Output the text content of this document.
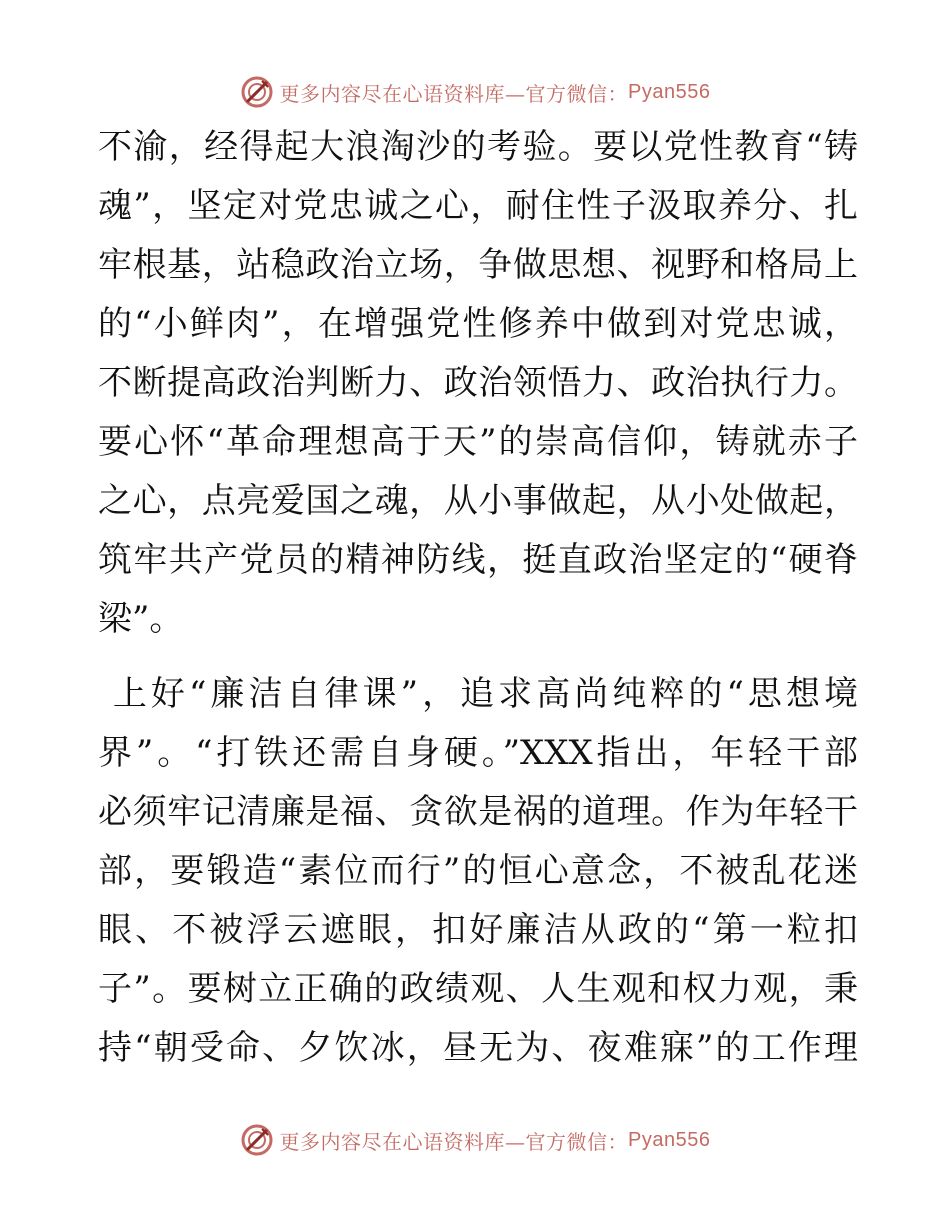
更多内容尽在心语资料库—官方微信： Pyan556
不渝，经得起大浪淘沙的考验。要以党性教育“铸
魂”，坚定对党忠诚之心，耐住性子汲取养分、扎
牢根基，站稳政治立场，争做思想、视野和格局上
的“小鲜肉”，在增强党性修养中做到对党忠诚，
不断提高政治判断力、政治领悟力、政治执行力。
要心怀“革命理想高于天”的崇高信仰，铸就赤子
之心，点亮爱国之魂，从小事做起，从小处做起，
筑牢共产党员的精神防线，挺直政治坚定的“硬脊
梁”。
上好“廉洁自律课”，追求高尚纯粹的“思想境
界”。“打铁还需自身硬。”XXX指出，年轻干部
必须牢记清廉是福、贪欲是祸的道理。作为年轻干
部，要锻造“素位而行”的恒心意念，不被乱花迷
眼、不被浮云遮眼，扣好廉洁从政的“第一粒扣
子”。要树立正确的政绩观、人生观和权力观，秉
持“朝受命、夕饮冰，昼无为、夜难寐”的工作理
更多内容尽在心语资料库—官方微信： Pyan556
